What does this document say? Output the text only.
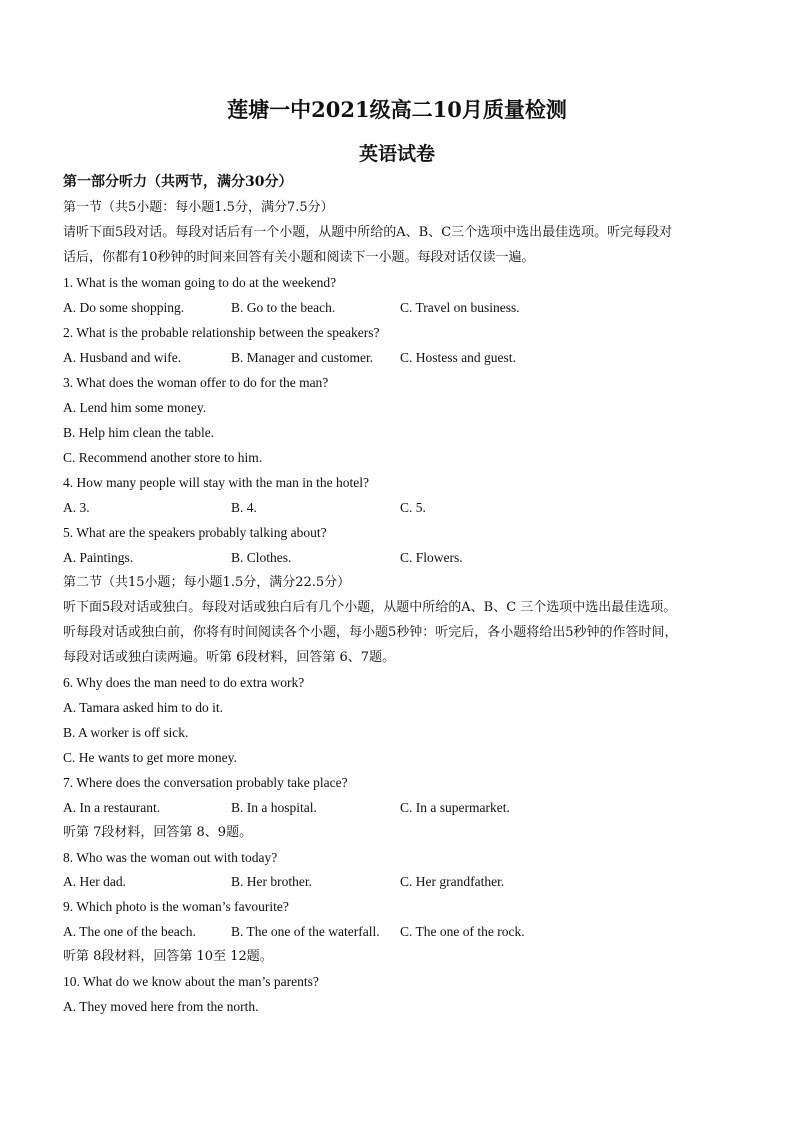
莲塘一中2021级高二10月质量检测
英语试卷
第一部分听力（共两节，满分30分）
第一节（共5小题：每小题1.5分，满分7.5分）
请听下面5段对话。每段对话后有一个小题，从题中所给的A、B、C三个选项中选出最佳选项。听完每段对
话后，你都有10秒钟的时间来回答有关小题和阅读下一小题。每段对话仅读一遍。
1. What is the woman going to do at the weekend?
A. Do some shopping.	B. Go to the beach.	C. Travel on business.
2. What is the probable relationship between the speakers?
A. Husband and wife.	B. Manager and customer. C. Hostess and guest.
3. What does the woman offer to do for the man?
A. Lend him some money.
B. Help him clean the table.
C. Recommend another store to him.
4. How many people will stay with the man in the hotel?
A. 3.	B. 4.	C. 5.
5. What are the speakers probably talking about?
A. Paintings.	B. Clothes.	C. Flowers.
第二节（共15小题；每小题1.5分，满分22.5分）
听下面5段对话或独白。每段对话或独白后有几个小题，从题中所给的A、B、C 三个选项中选出最佳选项。
听每段对话或独白前，你将有时间阅读各个小题，每小题5秒钟：听完后，各小题将给出5秒钟的作答时间，
每段对话或独白读两遍。听第 6段材料，回答第 6、7题。
6. Why does the man need to do extra work?
A. Tamara asked him to do it.
B. A worker is off sick.
C. He wants to get more money.
7. Where does the conversation probably take place?
A. In a restaurant.	B. In a hospital.	C. In a supermarket.
听第 7段材料，回答第 8、9题。
8. Who was the woman out with today?
A. Her dad.	B. Her brother.	C. Her grandfather.
9. Which photo is the woman’s favourite?
A. The one of the beach.	B. The one of the waterfall. C. The one of the rock.
听第 8段材料，回答第 10至 12题。
10. What do we know about the man’s parents?
A. They moved here from the north.
